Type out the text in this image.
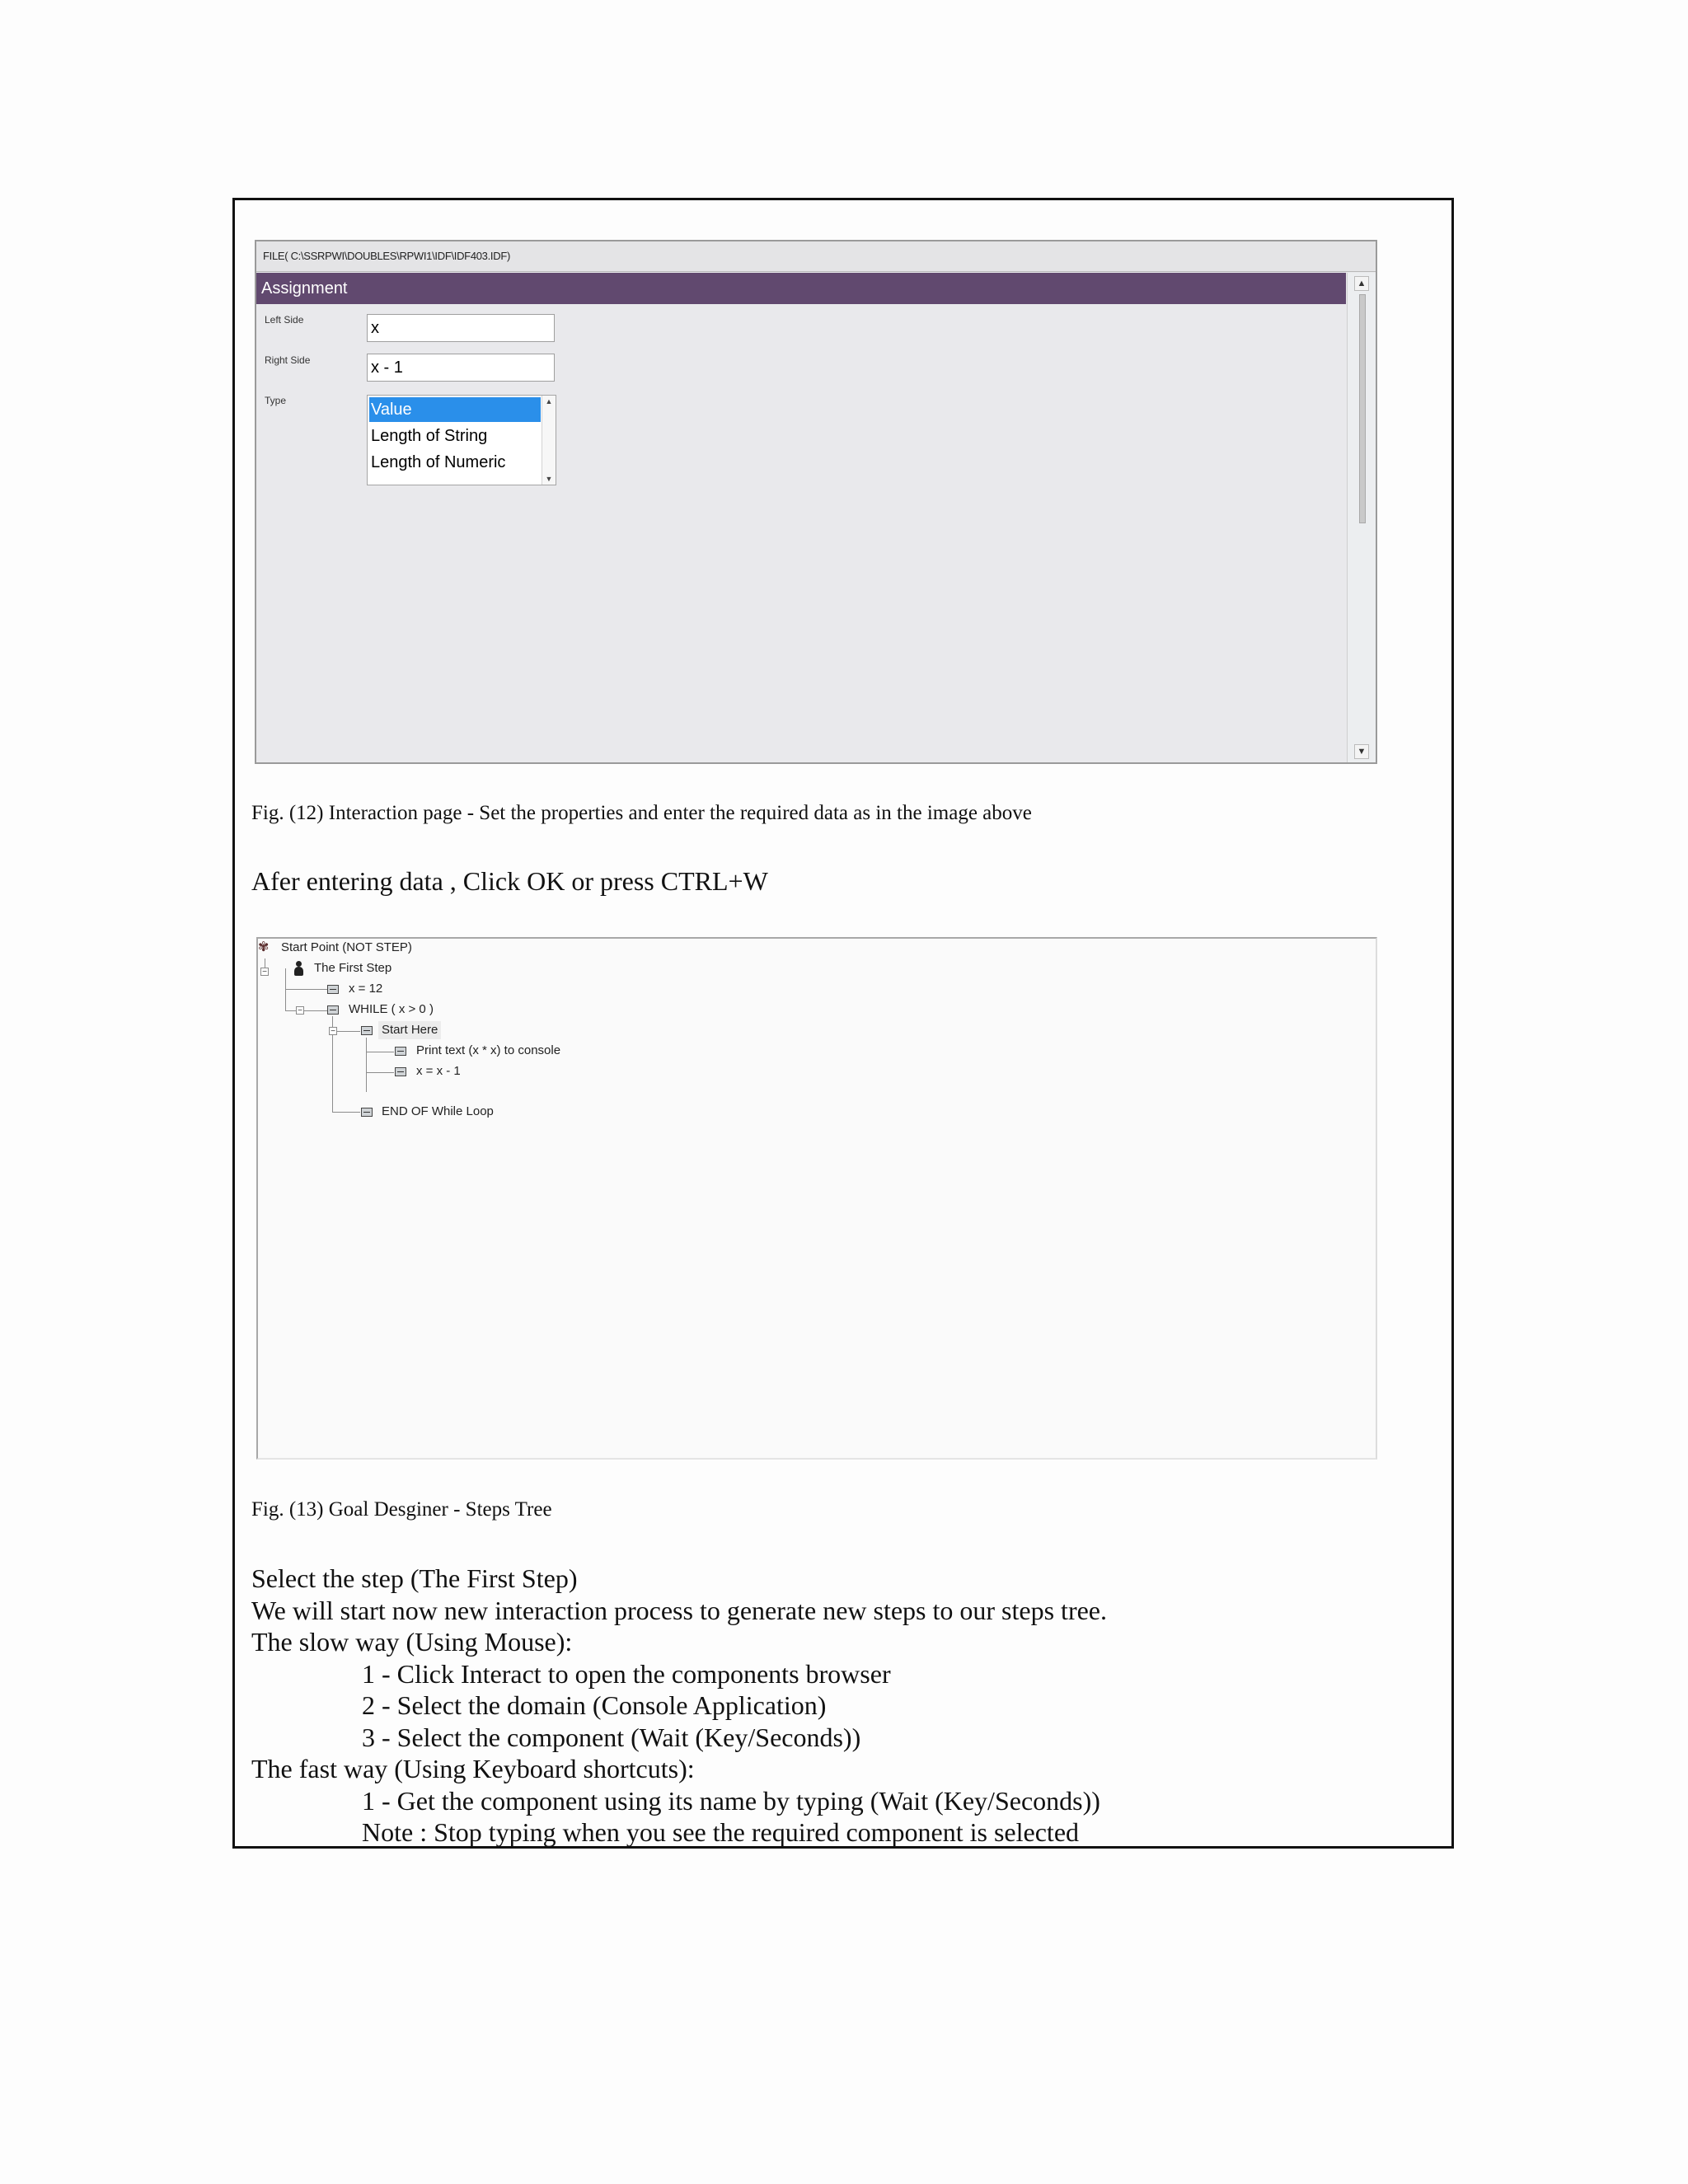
FILE( C:\SSRPWI\DOUBLES\RPWI1\IDF\IDF403.IDF)
Assignment	▲
▼
Left Side	x
Right Side	x - 1
Type	Value
Length of String
Length of Numeric
▲
▼
Fig. (12) Interaction page - Set the properties and enter the required data as in the image above
Afer entering data , Click OK or press CTRL+W
✾ Start Point (NOT STEP)
−	The First Step
x = 12
−	WHILE ( x > 0 )
−	Start Here
Print text (x * x) to console
x = x - 1
END OF While Loop
Fig. (13) Goal Desginer - Steps Tree
Select the step (The First Step)
We will start now new interaction process to generate new steps to our steps tree.
The slow way (Using Mouse):
1 - Click Interact to open the components browser
2 - Select the domain (Console Application)
3 - Select the component (Wait (Key/Seconds))
The fast way (Using Keyboard shortcuts):
1 - Get the component using its name by typing (Wait (Key/Seconds))
Note : Stop typing when you see the required component is selected
